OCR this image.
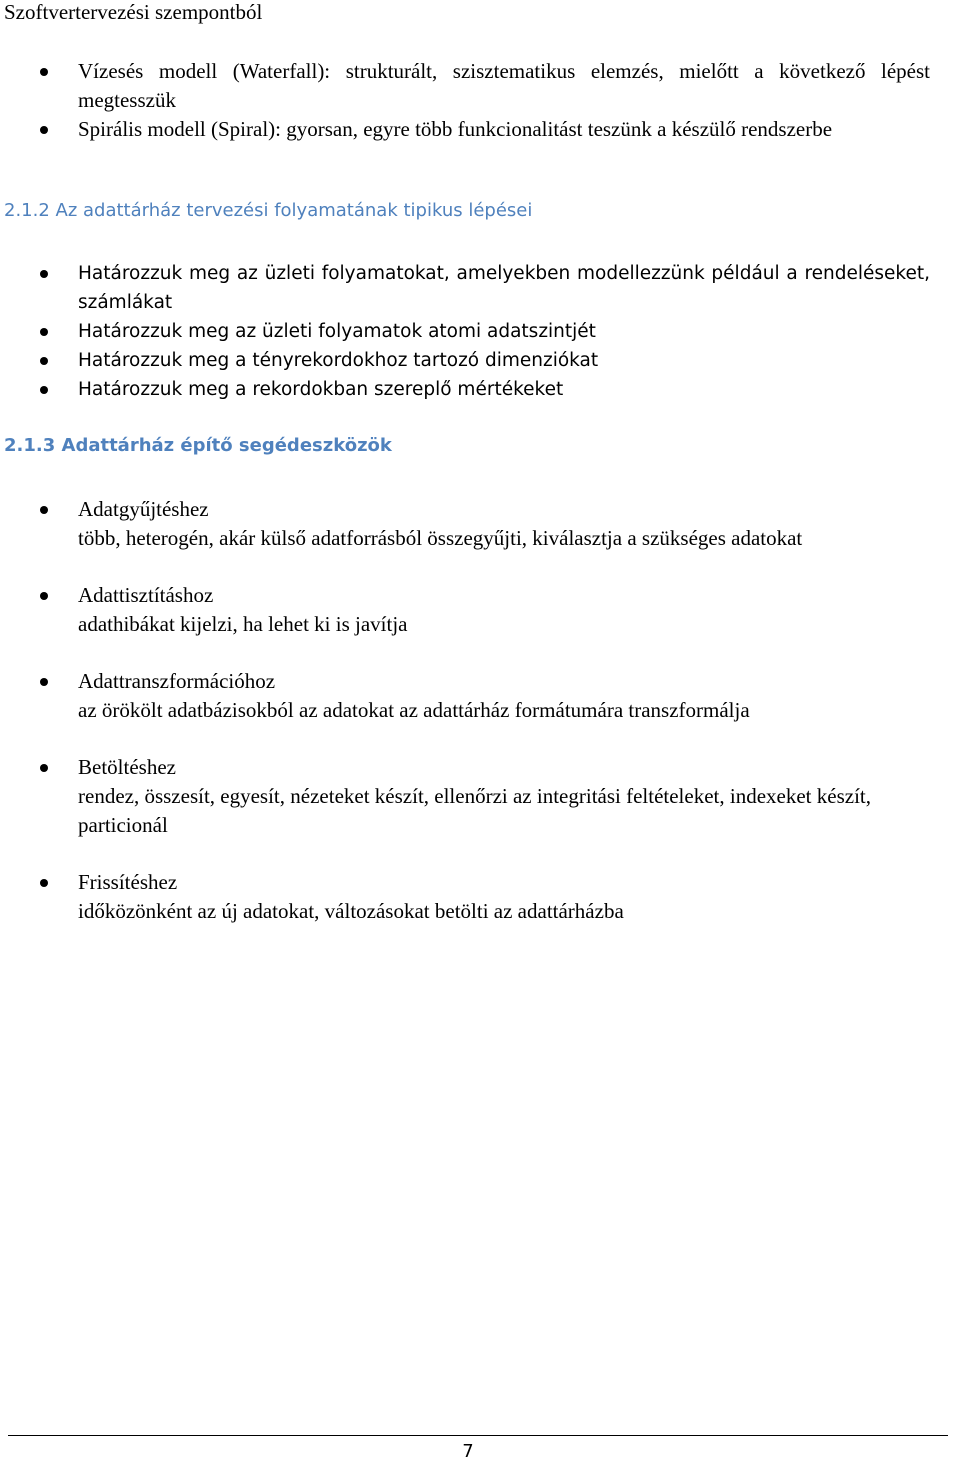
Szoftvertervezési szempontból

Vízesés modell (Waterfall): strukturált, szisztematikus elemzés, mielőtt a következő lépést megtesszük
Spirális modell (Spiral): gyorsan, egyre több funkcionalitást teszünk a készülő rendszerbe
2.1.2 Az adattárház tervezési folyamatának tipikus lépései
Határozzuk meg az üzleti folyamatokat, amelyekben modellezzünk például a rendeléseket, számlákat
Határozzuk meg az üzleti folyamatok atomi adatszintjét
Határozzuk meg a tényrekordokhoz tartozó dimenziókat
Határozzuk meg a rekordokban szereplő mértékeket
2.1.3 Adattárház építő segédeszközök
Adatgyűjtéshez
több, heterogén, akár külső adatforrásból összegyűjti, kiválasztja a szükséges adatokat
Adattisztításhoz
adathibákat kijelzi, ha lehet ki is javítja
Adattranszformációhoz
az örökölt adatbázisokból az adatokat az adattárház formátumára transzformálja
Betöltéshez
rendez, összesít, egyesít, nézeteket készít, ellenőrzi az integritási feltételeket, indexeket készít, particionál
Frissítéshez
időközönként az új adatokat, változásokat betölti az adattárházba
7
